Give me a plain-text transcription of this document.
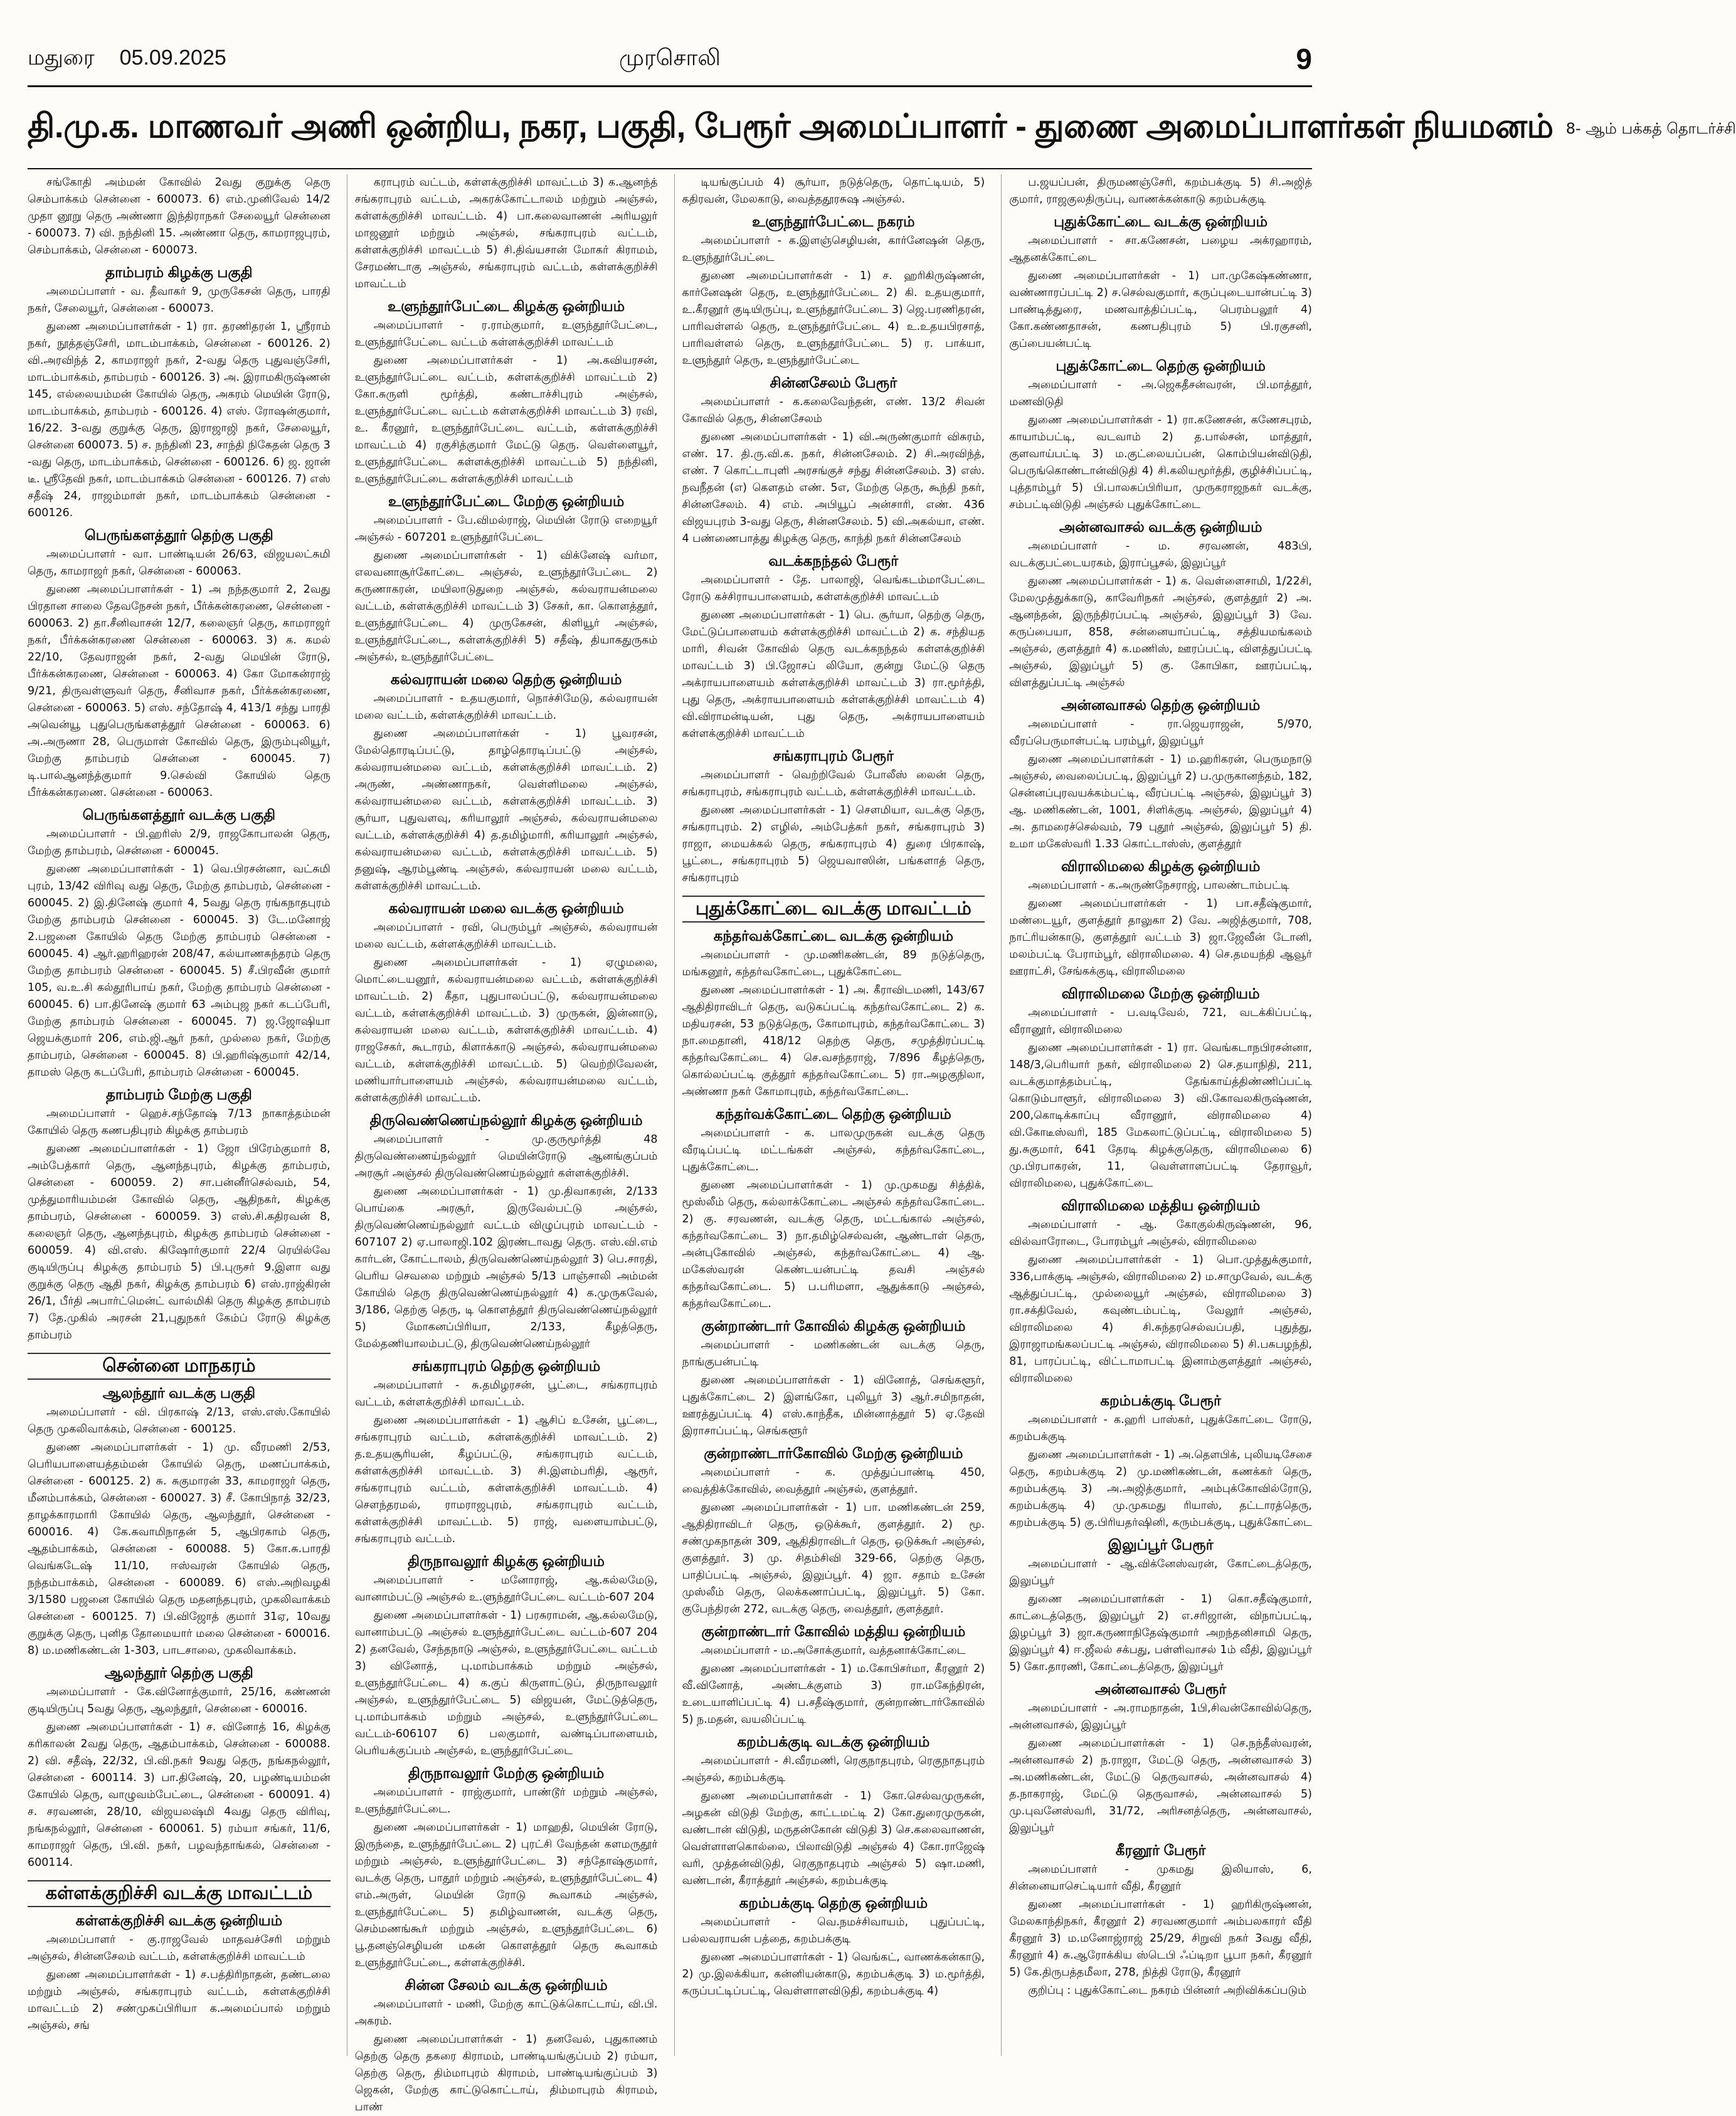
மதுரை 05.09.2025	முரசொலி	9
தி.மு.க. மாணவர் அணி ஒன்றிய, நகர, பகுதி, பேரூர் அமைப்பாளர் - துணை அமைப்பாளர்கள் நியமனம் 8- ஆம் பக்கத் தொடர்ச்சி

சங்கோதி அம்மன் கோவில் 2வது குறுக்கு தெரு செம்பாக்கம் சென்னை - 600073. 6) எம்.முனிவேல் 14/2 முதா னூறு தெரு அண்ணா இந்திராநகர் சேலையூர் சென்னை - 600073. 7) வி. நந்தினி 15. அண்ணா தெரு, காமராஜபுரம், செம்பாக்கம், சென்னை - 600073.

தாம்பரம் கிழக்கு பகுதி

அமைப்பாளர் - வ. தீவாகர் 9, முருகேசன் தெரு, பாரதி நகர், சேலையூர், சென்னை - 600073.

துணை அமைப்பாளர்கள் - 1) ரா. தரணிதரன் 1, ஸ்ரீராம் நகர், நூத்தஞ்சேரி, மாடம்பாக்கம், சென்னை - 600126. 2) வி.அரவிந்த் 2, காமராஜர் நகர், 2-வது தெரு புதுவஞ்சேரி, மாடம்பாக்கம், தாம்பரம் - 600126. 3) அ. இராமகிருஷ்ணன் 145, எல்லையம்மன் கோயில் தெரு, அகரம் மெயின் ரோடு, மாடம்பாக்கம், தாம்பரம் - 600126. 4) எஸ். ரோஷன்குமார், 16/22. 3-வது குறுக்கு தெரு, இராஜாஜி நகர், சேலையூர், சென்னை 600073. 5) ச. நந்தினி 23, சாந்தி நிகேதன் தெரு 3 -வது தெரு, மாடம்பாக்கம், சென்னை - 600126. 6) ஜ. ஜான் டீ. ஸ்ரீதேவி நகர், மாடம்பாக்கம் சென்னை - 600126. 7) எஸ் சதீஷ் 24, ராஜம்மாள் நகர், மாடம்பாக்கம் சென்னை - 600126.

பெருங்களத்தூர் தெற்கு பகுதி

அமைப்பாளர் - வா. பாண்டியன் 26/63, விஜயலட்சுமி தெரு, காமராஜர் நகர், சென்னை - 600063.

துணை அமைப்பாளர்கள் - 1) அ நந்தகுமார் 2, 2வது பிரதான சாலை தேவநேசன் நகர், பீர்க்கன்கரணை, சென்னை - 600063. 2) தா.சீனிவாசன் 12/7, கலைஞர் தெரு, காமராஜர் நகர், பீர்க்கன்கரணை சென்னை - 600063. 3) க. கமல் 22/10, தேவராஜன் நகர், 2-வது மெயின் ரோடு, பீர்க்கன்கரணை, சென்னை - 600063. 4) கோ மோகன்ராஜ் 9/21, திருவள்ளுவர் தெரு, சீனிவாச நகர், பீர்க்கன்கரணை, சென்னை - 600063. 5) எஸ். சந்தோஷ் 4, 413/1 சந்து பாரதி அவென்யூ புதுபெருங்களத்தூர் சென்னை - 600063. 6) அ.அருணா 28, பெருமாள் கோவில் தெரு, இரும்புலியூர், மேற்கு தாம்பரம் சென்னை - 600045. 7) டி.பால்ஆனந்த்குமார் 9.செல்வி கோயில் தெரு பீர்க்கன்கரணை. சென்னை - 600063.

பெருங்களத்தூர் வடக்கு பகுதி

அமைப்பாளர் - பி.ஹரிஸ் 2/9, ராஜகோபாலன் தெரு, மேற்கு தாம்பரம், சென்னை - 600045.

துணை அமைப்பாளர்கள் - 1) வெ.பிரசன்னா, வட்சுமி புரம், 13/42 விரிவு வது தெரு, மேற்கு தாம்பரம், சென்னை - 600045. 2) இ.தினேஷ் குமார் 4, 5வது தெரு ரங்கநாதபுரம் மேற்கு தாம்பரம் சென்னை - 600045. 3) டே.மனோஜ் 2.பஜனை கோயில் தெரு மேற்கு தாம்பரம் சென்னை - 600045. 4) ஆர்.ஹரிஹரன் 208/47, கல்யாணசுந்தரம் தெரு மேற்கு தாம்பரம் சென்னை - 600045. 5) சீ.பிரவீன் குமார் 105, வ.உ.சி கல்தூரிபாய் நகர், மேற்கு தாம்பரம் சென்னை - 600045. 6) பா.தினேஷ் குமார் 63 அம்புஜ நகர் கடப்பேரி, மேற்கு தாம்பரம் சென்னை - 600045. 7) ஜ.ஜோஷியா ஜெயக்குமார் 206, எம்.ஜி.ஆர் நகர், முல்லை நகர், மேற்கு தாம்பரம், சென்னை - 600045. 8) பி.ஹரிஷ்குமார் 42/14, தாமஸ் தெரு கடப்பேரி, தாம்பரம் சென்னை - 600045.

தாம்பரம் மேற்கு பகுதி

அமைப்பாளர் - ஹெச்.சந்தோஷ் 7/13 நாகாத்தம்மன் கோயில் தெரு கணபதிபுரம் கிழக்கு தாம்பரம்

துணை அமைப்பாளர்கள் - 1) ஜோ பிரேம்குமார் 8, அம்பேத்கார் தெரு, ஆனந்தபுரம், கிழக்கு தாம்பரம், சென்னை - 600059. 2) சா.பன்னீர்செல்வம், 54, முத்துமாரியம்மன் கோவில் தெரு, ஆதிநகர், கிழக்கு தாம்பரம், சென்னை - 600059. 3) எஸ்.சி.கதிரவன் 8, கலைஞர் தெரு, ஆனந்தபுரம், கிழக்கு தாம்பரம் சென்னை - 600059. 4) வி.எஸ். கிஷோர்குமார் 22/4 ரெயில்வே குடியிருப்பு கிழக்கு தாம்பரம் 5) பி.புருசர் 9.இளா வது குறுக்கு தெரு ஆதி நகர், கிழக்கு தாம்பரம் 6) எஸ்.ராஜ்கிரன் 26/1, பீர்தி அபார்ட்மென்ட் வால்மிகி தெரு கிழக்கு தாம்பரம் 7) தே.முகில் அரசன் 21,புதுநகர் கேம்ப் ரோடு கிழக்கு தாம்பரம்

சென்னை மாநகரம்
ஆலந்தூர் வடக்கு பகுதி

அமைப்பாளர் - வி. பிரகாஷ் 2/13, எஸ்.எஸ்.கோயில் தெரு முகலிவாக்கம், சென்னை - 600125.

துணை அமைப்பாளர்கள் - 1) மு. வீரமணி 2/53, பெரியபாளையத்தம்மன் கோயில் தெரு, மணப்பாக்கம், சென்னை - 600125. 2) சு. சுகுமாரன் 33, காமராஜர் தெரு, மீனம்பாக்கம், சென்னை - 600027. 3) சீ. கோபிநாத் 32/23, தாழக்காரமாரி கோயில் தெரு, ஆலந்தூர், சென்னை - 600016. 4) கே.சுவாமிநாதன் 5, ஆபிரகாம் தெரு, ஆதம்பாக்கம், சென்னை - 600088. 5) கோ.சு.பாரதி வெங்கடேஷ் 11/10, ஈஸ்வரன் கோயில் தெரு, நந்தம்பாக்கம், சென்னை - 600089. 6) எஸ்.அறிவழகி 3/1580 பஜனை கோயில் தெரு மதனந்தபுரம், முகலிவாக்கம் சென்னை - 600125. 7) பி.விஜோத் குமார் 31ஏ, 10வது குறுக்கு தெரு, புனித தோமையார் மலை சென்னை - 600016. 8) ம.மணிகண்டன் 1-303, பாடசாலை, முகலிவாக்கம்.

ஆலந்தூர் தெற்கு பகுதி

அமைப்பாளர் - கே.வினோத்குமார், 25/16, கண்ணன் குடியிருப்பு 5வது தெரு, ஆலந்தூர், சென்னை - 600016.

துணை அமைப்பாளர்கள் - 1) ச. வினோத் 16, கிழக்கு கரிகாலன் 2வது தெரு, ஆதம்பாக்கம், சென்னை - 600088. 2) வி. சதீஷ், 22/32, பி.வி.நகர் 9வது தெரு, நங்கநல்லூர், சென்னை - 600114. 3) பா.தினேஷ், 20, பழண்டியம்மன் கோயில் தெரு, வாழுவம்பேட்டை, சென்னை - 600091. 4) ச. சரவணன், 28/10, விஜயலஷ்மி 4வது தெரு விரிவு, நங்கநல்லூர், சென்னை - 600061. 5) ரம்யா சங்கர், 11/6, காமராஜர் தெரு, பி.வி. நகர், பழவந்தாங்கல், சென்னை - 600114.

கள்ளக்குறிச்சி வடக்கு மாவட்டம்
கள்ளக்குறிச்சி வடக்கு ஒன்றியம்

அமைப்பாளர் - கு.ராஜவேல் மாதவச்சேரி மற்றும் அஞ்சல், சின்னசேலம் வட்டம், கள்ளக்குறிச்சி மாவட்டம்

துணை அமைப்பாளர்கள் - 1) ச.பத்திரிநாதன், தண்டலை மற்றும் அஞ்சல், சங்கராபுரம் வட்டம், கள்ளக்குறிச்சி மாவட்டம் 2) சண்முகப்பிரியா க.அமைப்பால் மற்றும் அஞ்சல், சங்

கராபுரம் வட்டம், கள்ளக்குறிச்சி மாவட்டம் 3) க.ஆனந்த் சங்கராபுரம் வட்டம், அகரக்கோட்டாலம் மற்றும் அஞ்சல், கள்ளக்குறிச்சி மாவட்டம். 4) பா.கலைவாணன் அரியலுர் மாஜனூர் மற்றும் அஞ்சல், சங்கராபுரம் வட்டம், கள்ளக்குறிச்சி மாவட்டம் 5) சி.திவ்யசான் மோகா் கிராமம், சேரமண்டாகு அஞ்சல், சங்கராபுரம் வட்டம், கள்ளக்குறிச்சி மாவட்டம்

உளுந்தூர்பேட்டை கிழக்கு ஒன்றியம்

அமைப்பாளர் - ர.ராம்குமார், உளுந்தூர்பேட்டை, உளுந்தூர்பேட்டை வட்டம் கள்ளக்குறிச்சி மாவட்டம்

துணை அமைப்பாளர்கள் - 1) அ.கவியரசன், உளுந்தூர்பேட்டை வட்டம், கள்ளக்குறிச்சி மாவட்டம் 2) கோ.சுருளி மூர்த்தி, கண்டாச்சிபுரம் அஞ்சல், உளுந்தூர்பேட்டை வட்டம் கள்ளக்குறிச்சி மாவட்டம் 3) ரவி, உ. கீரனூர், உளுந்தூர்பேட்டை வட்டம், கள்ளக்குறிச்சி மாவட்டம் 4) ரகுசித்குமார் மேட்டு தெரு. வெள்ளையூர், உளுந்தூர்பேட்டை கள்ளக்குறிச்சி மாவட்டம் 5) நந்தினி, உளுந்தூர்பேட்டை கள்ளக்குறிச்சி மாவட்டம்

உளுந்தூர்பேட்டை மேற்கு ஒன்றியம்

அமைப்பாளர் - பே.விமல்ராஜ், மெயின் ரோடு எறையூர் அஞ்சல் - 607201 உளுந்தூர்பேட்டை

துணை அமைப்பாளர்கள் - 1) விக்னேஷ் வர்மா, எலவனாசூர்கோட்டை அஞ்சல், உளுந்தூர்பேட்டை 2) கருணாகரன், மயிலாடுதுறை அஞ்சல், கல்வராயன்மலை வட்டம், கள்ளக்குறிச்சி மாவட்டம் 3) சேகர், கா. கொளத்தூர், உளுந்தூர்பேட்டை 4) முருகேசன், கிளியூர் அஞ்சல், உளுந்தூர்பேட்டை, கள்ளக்குறிச்சி 5) சதீஷ், தியாகதுருகம் அஞ்சல், உளுந்தூர்பேட்டை

கல்வராயன் மலை தெற்கு ஒன்றியம்

அமைப்பாளர் - உதயகுமார், நொச்சிமேடு, கல்வராயன் மலை வட்டம், கள்ளக்குறிச்சி மாவட்டம்.

துணை அமைப்பாளர்கள் - 1) பூவரசன், மேல்தொரடிப்பட்டு, தாழ்தொரடிப்பட்டு அஞ்சல், கல்வராயன்மலை வட்டம், கள்ளக்குறிச்சி மாவட்டம். 2) அருண், அண்ணாநகர், வெள்ளிமலை அஞ்சல், கல்வராயன்மலை வட்டம், கள்ளக்குறிச்சி மாவட்டம். 3) சூர்யா, புதுவளவு, கரியாலூர் அஞ்சல், கல்வராயன்மலை வட்டம், கள்ளக்குறிச்சி 4) த.தமிழ்மாரி, கரியாலூர் அஞ்சல், கல்வராயன்மலை வட்டம், கள்ளக்குறிச்சி மாவட்டம். 5) தனுஷ், ஆரம்பூண்டி அஞ்சல், கல்வராயன் மலை வட்டம், கள்ளக்குறிச்சி மாவட்டம்.

கல்வராயன் மலை வடக்கு ஒன்றியம்

அமைப்பாளர் - ரவி, பெரும்பூர் அஞ்சல், கல்வராயன் மலை வட்டம், கள்ளக்குறிச்சி மாவட்டம்.

துணை அமைப்பாளர்கள் - 1) ஏழுமலை, மொட்டையனூர், கல்வராயன்மலை வட்டம், கள்ளக்குறிச்சி மாவட்டம். 2) கீதா, புதுபாலப்பட்டு, கல்வராயன்மலை வட்டம், கள்ளக்குறிச்சி மாவட்டம். 3) முருகன், இன்னாடு, கல்வராயன் மலை வட்டம், கள்ளக்குறிச்சி மாவட்டம். 4) ராஜசேகர், கூடாரம், கிளாக்காடு அஞ்சல், கல்வராயன்மலை வட்டம், கள்ளக்குறிச்சி மாவட்டம். 5) வெற்றிவேலன், மணியார்பாளையம் அஞ்சல், கல்வராயன்மலை வட்டம், கள்ளக்குறிச்சி மாவட்டம்.

திருவெண்ணெய்நல்லூர் கிழக்கு ஒன்றியம்

அமைப்பாளர் - மு.குருமூர்த்தி 48 திருவெண்ணைய்நல்லூர் மெயின்ரோடு ஆனங்குப்பம் அரசூர் அஞ்சல் திருவெண்ணெய்நல்லூர் கள்ளக்குறிச்சி.

துணை அமைப்பாளர்கள் - 1) மு.திவாகரன், 2/133 பொய்கை அரசூர், இருவேல்பட்டு அஞ்சல், திருவெண்ணெய்நல்லூர் வட்டம் விழுப்புரம் மாவட்டம் - 607107 2) ஏ.பாலாஜி.102 இரண்டாவது தெரு. எஸ்.வி.எம் கார்டன், கோட்டாலம், திருவெண்ணெய்நல்லூர் 3) பெ.சாரதி, பெரிய செவலை மற்றும் அஞ்சல் 5/13 பாஞ்சாலி அம்மன் கோயில் தெரு திருவெண்ணெய்நல்லூர் 4) க.முருகவேல், 3/186, தெற்கு தெரு, டி கொளத்தூர் திருவெண்ணெய்நல்லூர் 5) மோகனப்பிரியா, 2/133, கீழத்தெரு, மேல்தணியாலம்பட்டு, திருவெண்ணெய்நல்லூர்

சங்கராபுரம் தெற்கு ஒன்றியம்

அமைப்பாளர் - சு.தமிழரசன், பூட்டை, சங்கராபுரம் வட்டம், கள்ளக்குறிச்சி மாவட்டம்.

துணை அமைப்பாளர்கள் - 1) ஆசிப் உசேன், பூட்டை, சங்கராபுரம் வட்டம், கள்ளக்குறிச்சி மாவட்டம். 2) த.உதயசூரியன், கீழப்பட்டு, சங்கராபுரம் வட்டம், கள்ளக்குறிச்சி மாவட்டம். 3) சி.இளம்பரிதி, ஆரூர், சங்கராபுரம் வட்டம், கள்ளக்குறிச்சி மாவட்டம். 4) சௌந்தரமல், ராமராஜபுரம், சங்கராபுரம் வட்டம், கள்ளக்குறிச்சி மாவட்டம். 5) ராஜ், வளையாம்பட்டு, சங்கராபுரம் வட்டம்.

திருநாவலூர் கிழக்கு ஒன்றியம்

அமைப்பாளர் - மனோராஜ், ஆ.கல்லமேடு, வானாம்பட்டு அஞ்சல் உ.ளுந்தூர்பேட்டை வட்டம்-607 204

துணை அமைப்பாளர்கள் - 1) பரசுராமன், ஆ.கல்லமேடு, வானாம்பட்டு அஞ்சல் உளுந்தூர்பேட்டை வட்டம்-607 204 2) தனவேல், சேந்தநாடு அஞ்சல், உளுந்தூர்பேட்டை வட்டம் 3) வினோத், பு.மாம்பாக்கம் மற்றும் அஞ்சல், உளுந்தூர்பேட்டை 4) க.குப் கிருளாட்டுப், திருநாவலூர் அஞ்சல், உளுந்தூர்பேட்டை 5) விஜயன், மேட்டுத்தெரு, பு.மாம்பாக்கம் மற்றும் அஞ்சல், உளுந்தூர்பேட்டை வட்டம்-606107 6) பலகுமார், வண்டிப்பாளையம், பெரியக்குப்பம் அஞ்சல், உளுந்தூர்பேட்டை

திருநாவலூர் மேற்கு ஒன்றியம்

அமைப்பாளர் - ராஜ்குமார், பாண்டூர் மற்றும் அஞ்சல், உளுந்தூர்பேட்டை.

துணை அமைப்பாளர்கள் - 1) மாஹதி, மெயின் ரோடு, இருந்தை, உளுந்தூர்பேட்டை 2) புரட்சி வேந்தன் களமருதூர் மற்றும் அஞ்சல், உளுந்தூர்பேட்டை 3) சந்தோஷ்குமார், வடக்கு தெரு, பாதூர் மற்றும் அஞ்சல், உளுந்தூர்பேட்டை 4) எம்.அருள், மெயின் ரோடு கூவாகம் அஞ்சல், உளுந்தூர்பேட்டை 5) தமிழ்வாணன், வடக்கு தெரு, செம்மணங்கூர் மற்றும் அஞ்சல், உளுந்தூர்பேட்டை 6) பூ.தனஞ்செழியன் மகன் கொளத்தூர் தெரு கூவாகம் உளுந்தூர்பேட்டை, கள்ளக்குறிச்சி.

சின்ன சேலம் வடக்கு ஒன்றியம்

அமைப்பாளர் - மணி, மேற்கு காட்டுக்கொட்டாய், வி.பி. அகரம்.

துணை அமைப்பாளர்கள் - 1) தனவேல், புதுகாணம் தெற்கு தெரு தகரை கிராமம், பாண்டியங்குப்பம் 2) ரம்யா, தெற்கு தெரு, திம்மாபுரம் கிராமம், பாண்டியங்குப்பம் 3) ஜெகன், மேற்கு காட்டுகொட்டாய், திம்மாபுரம் கிராமம், பாண்

டியங்குப்பம் 4) சூர்யா, நடுத்தெரு, தொட்டியம், 5) கதிரவன், மேலகாடு, வைத்ததூரசுஷ அஞ்சல்.

உளுந்தூர்பேட்டை நகரம்

அமைப்பாளர் - க.இளஞ்செழியன், கார்னேஷன் தெரு, உளுந்தூர்பேட்டை

துணை அமைப்பாளர்கள் - 1) ச. ஹரிகிருஷ்ணன், கார்னேஷன் தெரு, உளுந்தூர்பேட்டை 2) கி. உதயகுமார், உ.கீரனூர் குடியிருப்பு, உளுந்தூர்பேட்டை 3) ஜெ.பரணிதரன், பாரிவள்ளல் தெரு, உளுந்தூர்பேட்டை 4) உ.உதயபிரசாத், பாரிவள்ளல் தெரு, உளுந்தூர்பேட்டை 5) ர. பாக்யா, உளுந்தூர் தெரு, உளுந்தூர்பேட்டை

சின்னசேலம் பேரூர்

அமைப்பாளர் - க.கலைவேந்தன், எண். 13/2 சிவன் கோவில் தெரு, சின்னசேலம்

துணை அமைப்பாளர்கள் - 1) வி.அருண்குமார் விசுரம், எண். 17. தி.ரு.வி.க. நகர், சின்னசேலம். 2) சி.அரவிந்த், எண். 7 கொட்டாபுளி அரசங்குச் சந்து சின்னசேலம். 3) எஸ். நவநீதன் (எ) கௌதம் எண். 5எ, மேற்கு தெரு, கூந்தி நகர், சின்னசேலம். 4) எம். அபியூப் அன்சாரி, எண். 436 விஜயபுரம் 3-வது தெரு, சின்னசேலம். 5) வி.அகல்யா, எண். 4 பண்ணைபாத்து கிழக்கு தெரு, காந்தி நகர் சின்னசேலம்

வடக்கநந்தல் பேரூர்

அமைப்பாளர் - தே. பாலாஜி, வெங்கடம்மாபேட்டை ரோடு கச்சிராயபாளையம், கள்ளக்குறிச்சி மாவட்டம்

துணை அமைப்பாளர்கள் - 1) பெ. சூர்யா, தெற்கு தெரு, மேட்டுப்பாளையம் கள்ளக்குறிச்சி மாவட்டம் 2) க. சந்தியத மாரி, சிவன் கோவில் தெரு வடக்கநந்தல் கள்ளக்குறிச்சி மாவட்டம் 3) பி.ஜோசப் லியோ, குன்று மேட்டு தெரு அக்ராயபாளையம் கள்ளக்குறிச்சி மாவட்டம் 3) ரா.மூர்த்தி, புது தெரு, அக்ராயபாளையம் கள்ளக்குறிச்சி மாவட்டம் 4) வி.விராமன்டியன், புது தெரு, அக்ராயபாளையம் கள்ளக்குறிச்சி மாவட்டம்

சங்கராபுரம் பேரூர்

அமைப்பாளர் - வெற்றிவேல் போலீஸ் லைன் தெரு, சங்கராபுரம், சங்கராபுரம் வட்டம், கள்ளக்குறிச்சி மாவட்டம்.

துணை அமைப்பாளர்கள் - 1) சௌமியா, வடக்கு தெரு, சங்கராபுரம். 2) எழில், அம்பேத்கர் நகர், சங்கராபுரம் 3) ராஜா, மையக்கல் தெரு, சங்கராபுரம் 4) துரை பிரகாஷ், பூட்டை, சங்கராபுரம் 5) ஜெயவாஸின், பங்களாத் தெரு, சங்கராபுரம்

புதுக்கோட்டை வடக்கு மாவட்டம்
கந்தர்வக்கோட்டை வடக்கு ஒன்றியம்

அமைப்பாளர் - மு.மணிகண்டன், 89 நடுத்தெரு, மங்கனூர், கந்தர்வகோட்டை, புதுக்கோட்டை

துணை அமைப்பாளர்கள் - 1) அ. கீராவிடமணி, 143/67 ஆதிதிராவிடர் தெரு, வடுகப்பட்டி கந்தர்வகோட்டை 2) க. மதியரசன், 53 நடுத்தெரு, கோமாபுரம், கந்தர்வகோட்டை 3) நா.மைதானி, 418/12 தெற்கு தெரு, சமுத்திரப்பட்டி கந்தர்வகோட்டை 4) செ.வசந்தராஜ், 7/896 கீழத்தெரு, கொல்லப்பட்டி குத்தூர் கந்தர்வகோட்டை 5) ரா.அழகுநிலா, அண்ணா நகர் கோமாபுரம், கந்தர்வகோட்டை.

கந்தர்வக்கோட்டை தெற்கு ஒன்றியம்

அமைப்பாளர் - க. பாலமுருகன் வடக்கு தெரு வீரடிப்பட்டி மட்டங்கள் அஞ்சல், கந்தர்வகோட்டை, புதுக்கோட்டை.

துணை அமைப்பாளர்கள் - 1) மு.முகமது சித்திக், மூஸ்லீம் தெரு, கல்லாக்கோட்டை அஞ்சல் கந்தர்வகோட்டை. 2) கு. சரவணன், வடக்கு தெரு, மட்டங்கால் அஞ்சல், கந்தர்வகோட்டை 3) நா.தமிழ்செல்வன், ஆண்டாள் தெரு, அன்புகோவில் அஞ்சல், கந்தர்வகோட்டை 4) ஆ. மகேஸ்வரன் கெண்டயன்பட்டி தவசி அஞ்சல் கந்தர்வகோட்டை. 5) ப.பரிமளா, ஆதுக்காடு அஞ்சல், கந்தர்வகோட்டை.

குன்றாண்டார் கோவில் கிழக்கு ஒன்றியம்

அமைப்பாளர் - மணிகண்டன் வடக்கு தெரு, நாங்குபன்பட்டி

துணை அமைப்பாளர்கள் - 1) வினோத், செங்களூர், புதுக்கோட்டை 2) இளங்கோ, புலியூர் 3) ஆர்.சமிநாதன், ஊரத்துப்பட்டி 4) எஸ்.காந்தீக, மின்னாத்தூர் 5) ஏ.தேவி இராசாப்பட்டி, செங்களூர்

குன்றாண்டார்கோவில் மேற்கு ஒன்றியம்

அமைப்பாளர் - க. முத்துப்பாண்டி 450, வைத்திக்கோவில், வைத்தூர் அஞ்சல், குளத்தூர்.

துணை அமைப்பாளர்கள் - 1) பா. மணிகண்டன் 259, ஆதிதிராவிடர் தெரு, ஒடுக்கூர், குளத்தூர். 2) மூ. சண்முகநாதன் 309, ஆதிதிராவிடர் தெரு, ஒடுக்கூர் அஞ்சல், குளத்தூர். 3) மு. சிதம்சிவி 329-66, தெற்கு தெரு, பாதிப்பட்டி அஞ்சல், இலுப்பூர். 4) ஜா. சதாம் உசேன் முஸ்லீம் தெரு, லெக்கணாப்பட்டி, இலுப்பூர். 5) கோ. குபேந்திரன் 272, வடக்கு தெரு, வைத்தூர், குளத்தூர்.

குன்றாண்டார் கோவில் மத்திய ஒன்றியம்

அமைப்பாளர் - ம.அசோக்குமார், வத்தனாக்கோட்டை

துணை அமைப்பாளர்கள் - 1) ம.கோபிசர்மா, கீரனூர் 2) வீ.வினோத், அண்டக்குளம் 3) ரா.மகேந்திரன், உடையாளிப்பட்டி 4) ப.சதீஷ்குமார், குன்றாண்டார்கோவில் 5) ந.மதன், வயலிப்பட்டி

கறம்பக்குடி வடக்கு ஒன்றியம்

அமைப்பாளர் - சி.வீரமணி, ரெகுநாதபுரம், ரெகுநாதபுரம் அஞ்சல், கறம்பக்குடி

துணை அமைப்பாளர்கள் - 1) கோ.செல்வமுருகன், அழகன் விடுதி மேற்கு, காட்டமட்டி 2) கோ.துரைமுருகன், வண்டான் விடுதி, மருதன்கோன் விடுதி 3) செ.கலைவாணன், வெள்ளாளகொல்லை, பிலாவிடுதி அஞ்சல் 4) கோ.ராஜேஷ் வரி, முத்தன்விடுதி, ரெகுநாதபுரம் அஞ்சல் 5) ஷா.மணி, வண்டான், கீராத்தூர் அஞ்சல், கறம்பக்குடி

கறம்பக்குடி தெற்கு ஒன்றியம்

அமைப்பாளர் - வெ.நமச்சிவாயம், புதுப்பட்டி, பல்லவராயன் பத்தை, கறம்பக்குடி

துணை அமைப்பாளர்கள் - 1) வெங்கட், வாணக்கன்காடு, 2) மு.இலக்கியா, கன்னியன்காடு, கறம்பக்குடி 3) ம.மூர்த்தி, கருப்பட்டிப்பட்டி, வெள்ளாளவிடுதி, கறம்பக்குடி 4)

ப.ஜயப்பன், திருமணஞ்சேரி, கறம்பக்குடி 5) சி.அஜித் குமார், ராஜகுலதிருப்பு, வாணக்கன்காடு கறம்பக்குடி

புதுக்கோட்டை வடக்கு ஒன்றியம்

அமைப்பாளர் - சா.கணேசன், பழைய அக்ரஹாரம், ஆதனக்கோட்டை

துணை அமைப்பாளர்கள் - 1) பா.முகேஷ்கண்ணா, வண்ணாரப்பட்டி 2) ச.செல்வகுமார், கருப்புடையான்பட்டி 3) பாண்டித்துரை, மணவாத்திப்பட்டி, பெரம்பலூர் 4) கோ.கண்ணதாசன், கணபதிபுரம் 5) பி.ரகுசனி, குப்பையன்பட்டி

புதுக்கோட்டை தெற்கு ஒன்றியம்

அமைப்பாளர் - அ.ஜெகதீசன்வரன், பி.மாத்தூர், மணவிடுதி

துணை அமைப்பாளர்கள் - 1) ரா.கணேசன், கணேசபுரம், காயாம்பட்டி, வடவாம் 2) த.பால்சன், மாத்தூர், குளவாய்பட்டி 3) ம.குட்லையப்பன், கொம்பியன்விடுதி, பெருங்கொண்டான்விடுதி 4) சி.கலியமூர்த்தி, குழிச்சிப்பட்டி, புத்தாம்பூர் 5) பி.பாலசுப்பிரியா, முருகராஜநகர் வடக்கு, சம்பட்டிவிடுதி அஞ்சல் புதுக்கோட்டை

அன்னவாசல் வடக்கு ஒன்றியம்

அமைப்பாளர் - ம. சரவணன், 483பி, வடக்குபட்டையரகம், இராப்பூசல், இலுப்பூர்

துணை அமைப்பாளர்கள் - 1) க. வெள்ளைசாமி, 1/22சி, மேலமுத்துக்காடு, காவேரிநகர் அஞ்சல், குளத்தூர் 2) அ. ஆனந்தன், இருந்திரப்பட்டி அஞ்சல், இலுப்பூர் 3) வே. கருப்பையா, 858, சன்னையாப்பட்டி, சத்தியமங்கலம் அஞ்சல், குளத்தூர் 4) க.மணிஸ், ஊரப்பட்டி, விளத்துப்பட்டி அஞ்சல், இலுப்பூர் 5) கு. கோபிகா, ஊரப்பட்டி, விளத்துப்பட்டி அஞ்சல்

அன்னவாசல் தெற்கு ஒன்றியம்

அமைப்பாளர் - ரா.ஜெயராஜன், 5/970, வீரப்பெருமாள்பட்டி பரம்பூர், இலுப்பூர்

துணை அமைப்பாளர்கள் - 1) ம.ஹரிகரன், பெருமநாடு அஞ்சல், வைலைப்பட்டி, இலுப்பூர் 2) ப.முருகானந்தம், 182, சென்னப்புரவயக்கம்பட்டி, வீரப்பட்டி அஞ்சல், இலுப்பூர் 3) ஆ. மணிகண்டன், 1001, சிளிக்குடி அஞ்சல், இலுப்பூர் 4) அ. தாமரைச்செல்வம், 79 புதூர் அஞ்சல், இலுப்பூர் 5) தி. உமா மகேஸ்வரி 1.33 கொட்டாஸ்ஸ், குளத்தூர்

விராலிமலை கிழக்கு ஒன்றியம்

அமைப்பாளர் - க.அருண்நேசராஜ், பாலண்டாம்பட்டி

துணை அமைப்பாளர்கள் - 1) பா.சதீஷ்குமார், மண்டையூர், குளத்தூர் தாலுகா 2) வே. அஜித்குமார், 708, நாட்ரியன்காடு, குளத்தூர் வட்டம் 3) ஜா.ஜேவீன் டோனி, மலம்பட்டி பேராம்பூர், விராலிமலை. 4) செ.தமயந்தி ஆவூர் ஊராட்சி, சேங்கக்குடி, விராலிமலை

விராலிமலை மேற்கு ஒன்றியம்

அமைப்பாளர் - ப.வடிவேல், 721, வடக்கிப்பட்டி, வீரானூர், விராலிமலை

துணை அமைப்பாளர்கள் - 1) ரா. வெங்கடாநபிரசன்னா, 148/3,பெரியார் நகர், விராலிமலை 2) செ.தயாநிதி, 211, வடக்குமாத்தம்பட்டி, தேங்காய்த்திண்ணிப்பட்டி கொடும்பாளூர், விராலிமலை 3) வி.கோவலகிருஷ்ணன், 200,கொடிக்காப்பு வீரானூர், விராலிமலை 4) வி.கோடீஸ்வரி, 185 மேகலாட்டுப்பட்டி, விராலிமலை 5) து.சுகுமார், 641 தேரடி கிழக்குதெரு, விராலிமலை 6) மு.பிரபாகரன், 11, வெள்ளாளப்பட்டி தேராவூர், விராலிமலை, புதுக்கோட்டை

விராலிமலை மத்திய ஒன்றியம்

அமைப்பாளர் - ஆ. கோகுல்கிருஷ்ணன், 96, வில்வாரோடை, போரம்பூர் அஞ்சல், விராலிமலை

துணை அமைப்பாளர்கள் - 1) பொ.முத்துக்குமார், 336,பாக்குடி அஞ்சல், விராலிமலை 2) ம.சாமுவேல், வடக்கு ஆத்துப்பட்டி, முல்லையூர் அஞ்சல், விராலிமலை 3) ரா.சக்திவேல், கவுண்டம்பட்டி, வேலூர் அஞ்சல், விராலிமலை 4) சி.சுந்தரசெல்வப்பதி, புதுத்து, இராஜாமங்கலப்பட்டி அஞ்சல், விராலிமலை 5) சி.பசுபழந்தி, 81, பாரப்பட்டி, விட்டாமாபட்டி இனாம்குளத்தூர் அஞ்சல், விராலிமலை

கறம்பக்குடி பேரூர்

அமைப்பாளர் - க.ஹரி பாஸ்கர், புதுக்கோட்டை ரோடு, கறம்பக்குடி

துணை அமைப்பாளர்கள் - 1) அ.தௌபிக், புலியடிசேசை தெரு, கறம்பக்குடி 2) மு.மணிகண்டன், கணக்கர் தெரு, கறம்பக்குடி 3) அ.அஜித்குமார், அம்புக்கோவில்ரோடு, கறம்பக்குடி 4) மு.முகமது ரியாஸ், தட்டாரத்தெரு, கறம்பக்குடி 5) கு.பிரியதர்ஷினி, கரும்பக்குடி, புதுக்கோட்டை

இலுப்பூர் பேரூர்

அமைப்பாளர் - ஆ.விக்னேஸ்வரன், கோட்டைத்தெரு, இலுப்பூர்

துணை அமைப்பாளர்கள் - 1) கொ.சதீஷ்குமார், காட்டைத்தெரு, இலுப்பூர் 2) எ.சரிஜான், விநாப்பட்டி, இழப்பூர் 3) ஜா.கருணாநிதேஷ்குமார் அறந்தனிசாமி தெரு, இலுப்பூர் 4) ஈ.ஜீலல் சக்பது, பள்ளிவாசல் 1ம் வீதி, இலுப்பூர் 5) கோ.தாரணி, கோட்டைத்தெரு, இலுப்பூர்

அன்னவாசல் பேரூர்

அமைப்பாளர் - அ.ராமநாதன், 1பி,சிவன்கோவில்தெரு, அன்னவாசல், இலுப்பூர்

துணை அமைப்பாளர்கள் - 1) செ.நந்தீஸ்வரன், அன்னவாசல் 2) ந.ராஜா, மேட்டு தெரு, அன்னவாசல் 3) அ.மணிகண்டன், மேட்டு தெருவாசல், அன்னவாசல் 4) த.நாகராஜ், மேட்டு தெருவாசல், அன்னவாசல் 5) மு.புவனேஸ்வரி, 31/72, அரிசனத்தெரு, அன்னவாசல், இலுப்பூர்

கீரனூர் பேரூர்

அமைப்பாளர் - முகமது இலியாஸ், 6, சின்னையாசெட்டியார் வீதி, கீரனூர்

துணை அமைப்பாளர்கள் - 1) ஹரிகிருஷ்ணன், மேலகாந்திநகர், கீரனூர் 2) சரவணகுமார் அம்பலகாரர் வீதி கீரனூர் 3) ம.மனோஜ்ராஜ் 25/29, சிறுவி நகர் 3வது வீதி, கீரனூர் 4) சு.ஆரோக்கிய ஸ்டெபி ஃப்டிறா பூபா நகர், கீரனூர் 5) கே.திருபத்தமீலா, 278, நித்தி ரோடு, கீரனூர்

குறிப்பு : புதுக்கோட்டை நகரம் பின்னர் அறிவிக்கப்படும்
